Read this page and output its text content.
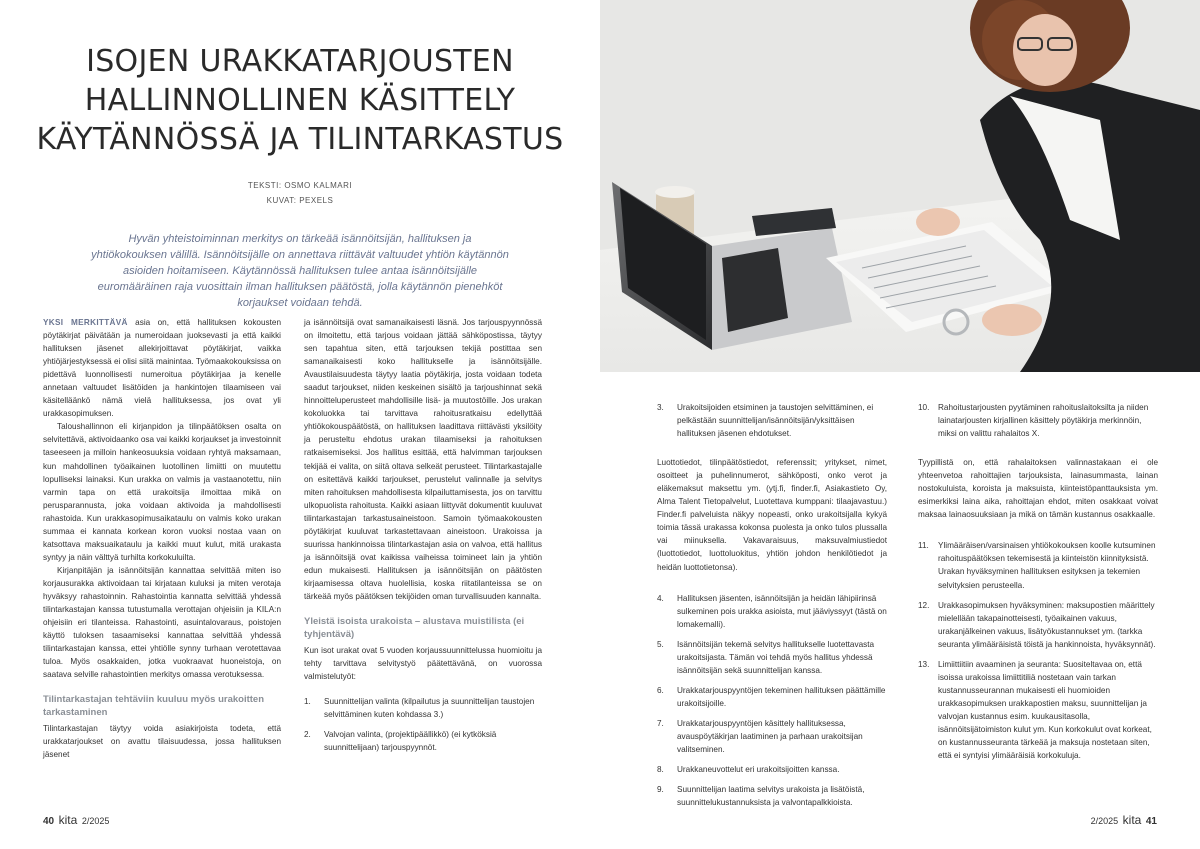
ISOJEN URAKKATARJOUSTEN
HALLINNOLLINEN KÄSITTELY
KÄYTÄNNÖSSÄ JA TILINTARKASTUS
TEKSTI: OSMO KALMARI
KUVAT: PEXELS

Hyvän yhteistoiminnan merkitys on tärkeää isännöitsijän, hallituksen ja yhtiökokouksen välillä. Isännöitsijälle on annettava riittävät valtuudet yhtiön käytännön asioiden hoitamiseen. Käytännössä hallituksen tulee antaa isännöitsijälle euromääräinen raja vuosittain ilman hallituksen päätöstä, jolla käytännön pienehköt korjaukset voidaan tehdä.

YKSI MERKITTÄVÄ asia on, että hallituksen kokousten pöytäkirjat päivätään ja numeroidaan juoksevasti ja että kaikki hallituksen jäsenet allekirjoittavat pöytäkirjat, vaikka yhtiöjärjestyksessä ei olisi siitä mainintaa. Työmaakokouksissa on pidettävä luonnollisesti numeroitua pöytäkirjaa ja kenelle annetaan valtuudet lisätöiden ja hankintojen tilaamiseen vai käsitelläänkö nämä vielä hallituksessa, jos ovat yli urakkasopimuksen.

Taloushallinnon eli kirjanpidon ja tilinpäätöksen osalta on selvitettävä, aktivoidaanko osa vai kaikki korjaukset ja investoinnit taseeseen ja milloin hankeosuuksia voidaan ryhtyä maksamaan, kun mahdollinen työaikainen luotollinen limiitti on muutettu lopulliseksi lainaksi. Kun urakka on valmis ja vastaanotettu, niin varmin tapa on että urakoitsija ilmoittaa mikä on perusparannusta, joka voidaan aktivoida ja mahdollisesti rahastoida. Kun urakkasopimusaikataulu on valmis koko urakan summaa ei kannata korkean koron vuoksi nostaa vaan on katsottava maksuaikataulu ja kaikki muut kulut, mitä urakasta syntyy ja näin välttyä turhilta korkokuluilta.

Kirjanpitäjän ja isännöitsijän kannattaa selvittää miten iso korjausurakka aktivoidaan tai kirjataan kuluksi ja miten verotaja hyväksyy rahastoinnin. Rahastointia kannatta selvittää yhdessä tilintarkastajan kanssa tutustumalla verottajan ohjeisiin ja KILA:n ohjeisiin eri tilanteissa. Rahastointi, asuintalovaraus, poistojen käyttö tuloksen tasaamiseksi kannattaa selvittää yhdessä tilintarkastajan kanssa, ettei yhtiölle synny turhaan verotettavaa tuloa. Myös osakkaiden, jotka vuokraavat huoneistoja, on saatava selville rahastointien merkitys omassa verotuksessa.

Tilintarkastajan tehtäviin kuuluu myös urakoitten tarkastaminen

Tilintarkastajan täytyy voida asiakirjoista todeta, että urakkatarjoukset on avattu tilaisuudessa, jossa hallituksen jäsenet

ja isännöitsijä ovat samanaikaisesti läsnä. Jos tarjouspyynnössä on ilmoitettu, että tarjous voidaan jättää sähköpostissa, täytyy sen tapahtua siten, että tarjouksen tekijä postittaa sen samanaikaisesti koko hallitukselle ja isännöitsijälle. Avaustilaisuudesta täytyy laatia pöytäkirja, josta voidaan todeta saadut tarjoukset, niiden keskeinen sisältö ja tarjoushinnat sekä hinnoitteluperusteet mahdollisille lisä- ja muutostöille. Jos urakan kokoluokka tai tarvittava rahoitusratkaisu edellyttää yhtiökokouspäätöstä, on hallituksen laadittava riittävästi yksilöity ja perusteltu ehdotus urakan tilaamiseksi ja rahoituksen ratkaisemiseksi. Jos hallitus esittää, että halvimman tarjouksen tekijää ei valita, on siitä oltava selkeät perusteet. Tilintarkastajalle on esitettävä kaikki tarjoukset, perustelut valinnalle ja selvitys miten rahoituksen mahdollisesta kilpailuttamisesta, jos on tarvittu ulkopuolista rahoitusta. Kaikki asiaan liittyvät dokumentit kuuluvat tilintarkastajan tarkastusaineistoon. Samoin työmaakokousten pöytäkirjat kuuluvat tarkastettavaan aineistoon. Urakoissa ja suurissa hankinnoissa tilintarkastajan asia on valvoa, että hallitus ja isännöitsijä ovat kaikissa vaiheissa toimineet lain ja yhtiön edun mukaisesti. Hallituksen ja isännöitsijän on päätösten kirjaamisessa oltava huolellisia, koska riitatilanteissa se on tärkeää myös päätöksen tekijöiden oman turvallisuuden kannalta.

Yleistä isoista urakoista – alustava muistilista (ei tyhjentävä)

Kun isot urakat ovat 5 vuoden korjaussuunnittelussa huomioitu ja tehty tarvittava selvitystyö päätettävänä, on vuorossa valmistelutyöt:

1. Suunnittelijan valinta (kilpailutus ja suunnittelijan taustojen selvittäminen kuten kohdassa 3.)
2. Valvojan valinta, (projektipäällikkö) (ei kytköksiä suunnittelijaan) tarjouspyynnöt.
40 kita 2/2025
3. Urakoitsijoiden etsiminen ja taustojen selvittäminen, ei pelkästään suunnittelijan/isännöitsijän/yksittäisen hallituksen jäsenen ehdotukset.

Luottotiedot, tilinpäätöstiedot, referenssit; yritykset, nimet, osoitteet ja puhelinnumerot, sähköposti, onko verot ja eläkemaksut maksettu ym. (ytj.fi, finder.fi, Asiakastieto Oy, Alma Talent Tietopalvelut, Luotettava kumppani: tilaajavastuu.) Finder.fi palveluista näkyy nopeasti, onko urakoitsijalla kykyä toimia tässä urakassa kokonsa puolesta ja onko tulos plussalla vai miinuksella. Vakavaraisuus, maksuvalmiustiedot (luottotiedot, luottoluokitus, yhtiön johdon henkilötiedot ja heidän luottotietonsa).

4. Hallituksen jäsenten, isännöitsijän ja heidän lähipiirinsä sulkeminen pois urakka asioista, mut jääviyssyyt (tästä on lomakemalli).
5. Isännöitsijän tekemä selvitys hallitukselle luotettavasta urakoitsijasta. Tämän voi tehdä myös hallitus yhdessä isännöitsijän sekä suunnittelijan kanssa.
6. Urakkatarjouspyyntöjen tekeminen hallituksen päättämille urakoitsijoille.
7. Urakkatarjouspyyntöjen käsittely hallituksessa, avauspöytäkirjan laatiminen ja parhaan urakoitsijan valitseminen.
8. Urakkaneuvottelut eri urakoitsijoitten kanssa.
9. Suunnittelijan laatima selvitys urakoista ja lisätöistä, suunnittelukustannuksista ja valvontapalkkioista.
10. Rahoitustarjousten pyytäminen rahoituslaitoksilta ja niiden lainatarjousten kirjallinen käsittely pöytäkirja merkinnöin, miksi on valittu rahalaitos X.

Tyypillistä on, että rahalaitoksen valinnastakaan ei ole yhteenvetoa rahoittajien tarjouksista, lainasummasta, lainan nostokuluista, koroista ja maksuista, kiinteistöpanttauksista ym. esimerkiksi laina aika, rahoittajan ehdot, miten osakkaat voivat maksaa lainaosuuksiaan ja mikä on tämän kustannus osakkaalle.

11. Ylimääräisen/varsinaisen yhtiökokouksen koolle kutsuminen rahoituspäätöksen tekemisestä ja kiinteistön kiinnityksistä. Urakan hyväksyminen hallituksen esityksen ja tekemien selvityksien perusteella.
12. Urakkasopimuksen hyväksyminen: maksupostien määrittely mielellään takapainotteisesti, työaikainen vakuus, urakanjälkeinen vakuus, lisätyökustannukset ym. (tarkka seuranta ylimääräisistä töistä ja hankinnoista, hyväksynnät).
13. Limiittiitiin avaaminen ja seuranta: Suositeltavaa on, että isoissa urakoissa limiittitiliä nostetaan vain tarkan kustannusseurannan mukaisesti eli huomioiden urakkasopimuksen urakkapostien maksu, suunnittelijan ja valvojan kustannus esim. kuukausitasolla, isännöitsijätoimiston kulut ym. Kun korkokulut ovat korkeat, on kustannusseuranta tärkeää ja maksuja nostetaan siten, että ei syntyisi ylimääräisiä korkokuluja.
2/2025 kita 41
